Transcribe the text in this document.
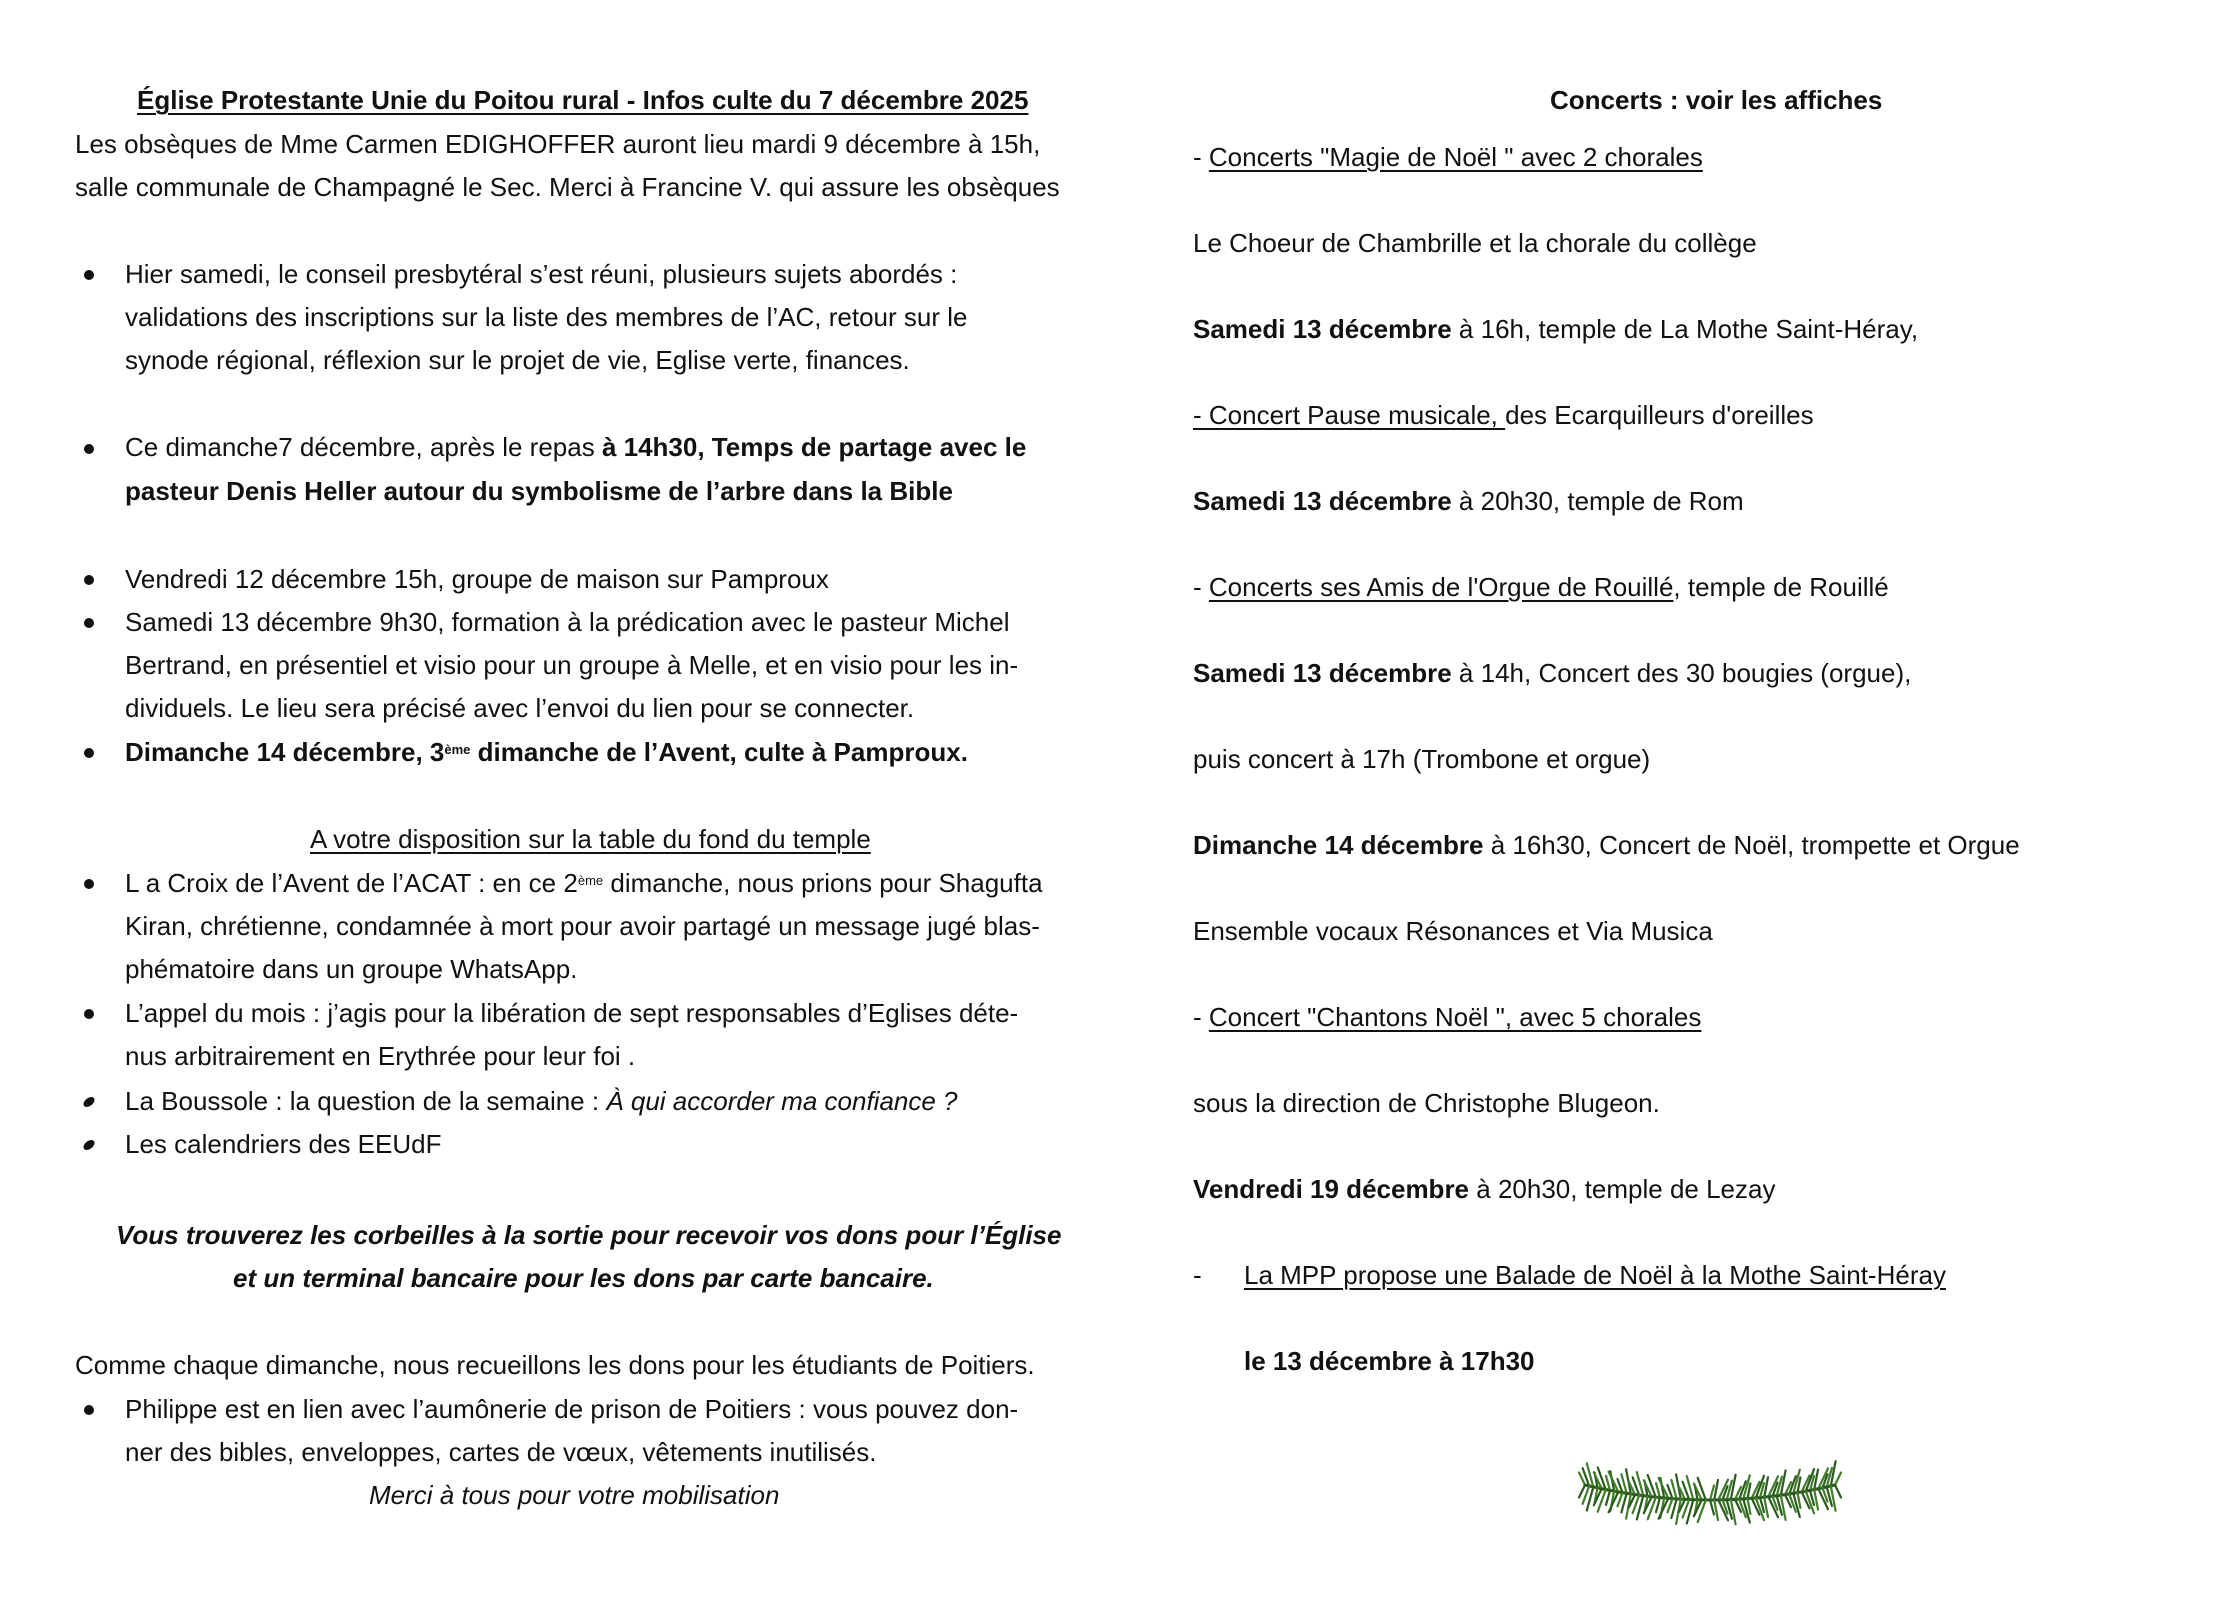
Église Protestante Unie du Poitou rural - Infos culte du 7 décembre 2025
Les obsèques de Mme Carmen EDIGHOFFER auront lieu mardi 9 décembre à 15h,
salle communale de Champagné le Sec. Merci à Francine V. qui assure les obsèques
Hier samedi, le conseil presbytéral s’est réuni, plusieurs sujets abordés :
validations des inscriptions sur la liste des membres de l’AC, retour sur le
synode régional, réflexion sur le projet de vie, Eglise verte, finances.
Ce dimanche7 décembre, après le repas à 14h30, Temps de partage avec le
pasteur Denis Heller autour du symbolisme de l’arbre dans la Bible
Vendredi 12 décembre 15h, groupe de maison sur Pamproux
Samedi 13 décembre 9h30, formation à la prédication avec le pasteur Michel
Bertrand, en présentiel et visio pour un groupe à Melle, et en visio pour les in-
dividuels. Le lieu sera précisé avec l’envoi du lien pour se connecter.
Dimanche 14 décembre, 3ème dimanche de l’Avent, culte à Pamproux.
A votre disposition sur la table du fond du temple
L a Croix de l’Avent de l’ACAT : en ce 2ème dimanche, nous prions pour Shagufta
Kiran, chrétienne, condamnée à mort pour avoir partagé un message jugé blas-
phématoire dans un groupe WhatsApp.
L’appel du mois : j’agis pour la libération de sept responsables d’Eglises déte-
nus arbitrairement en Erythrée pour leur foi .
La Boussole : la question de la semaine : À qui accorder ma confiance ?
Les calendriers des EEUdF
Vous trouverez les corbeilles à la sortie pour recevoir vos dons pour l’Église
et un terminal bancaire pour les dons par carte bancaire.
Comme chaque dimanche, nous recueillons les dons pour les étudiants de Poitiers.
Philippe est en lien avec l’aumônerie de prison de Poitiers : vous pouvez don-
ner des bibles, enveloppes, cartes de vœux, vêtements inutilisés.
Merci à tous pour votre mobilisation
Concerts : voir les affiches
- Concerts "Magie de Noël " avec 2 chorales
Le Choeur de Chambrille et la chorale du collège
Samedi 13 décembre à 16h, temple de La Mothe Saint-Héray,
- Concert Pause musicale, des Ecarquilleurs d'oreilles
Samedi 13 décembre à 20h30, temple de Rom
- Concerts ses Amis de l'Orgue de Rouillé, temple de Rouillé
Samedi 13 décembre à 14h, Concert des 30 bougies (orgue),
puis concert à 17h (Trombone et orgue)
Dimanche 14 décembre à 16h30, Concert de Noël, trompette et Orgue
Ensemble vocaux Résonances et Via Musica
- Concert "Chantons Noël ", avec 5 chorales
sous la direction de Christophe Blugeon.
Vendredi 19 décembre à 20h30, temple de Lezay
- La MPP propose une Balade de Noël à la Mothe Saint-Héray
le 13 décembre à 17h30
